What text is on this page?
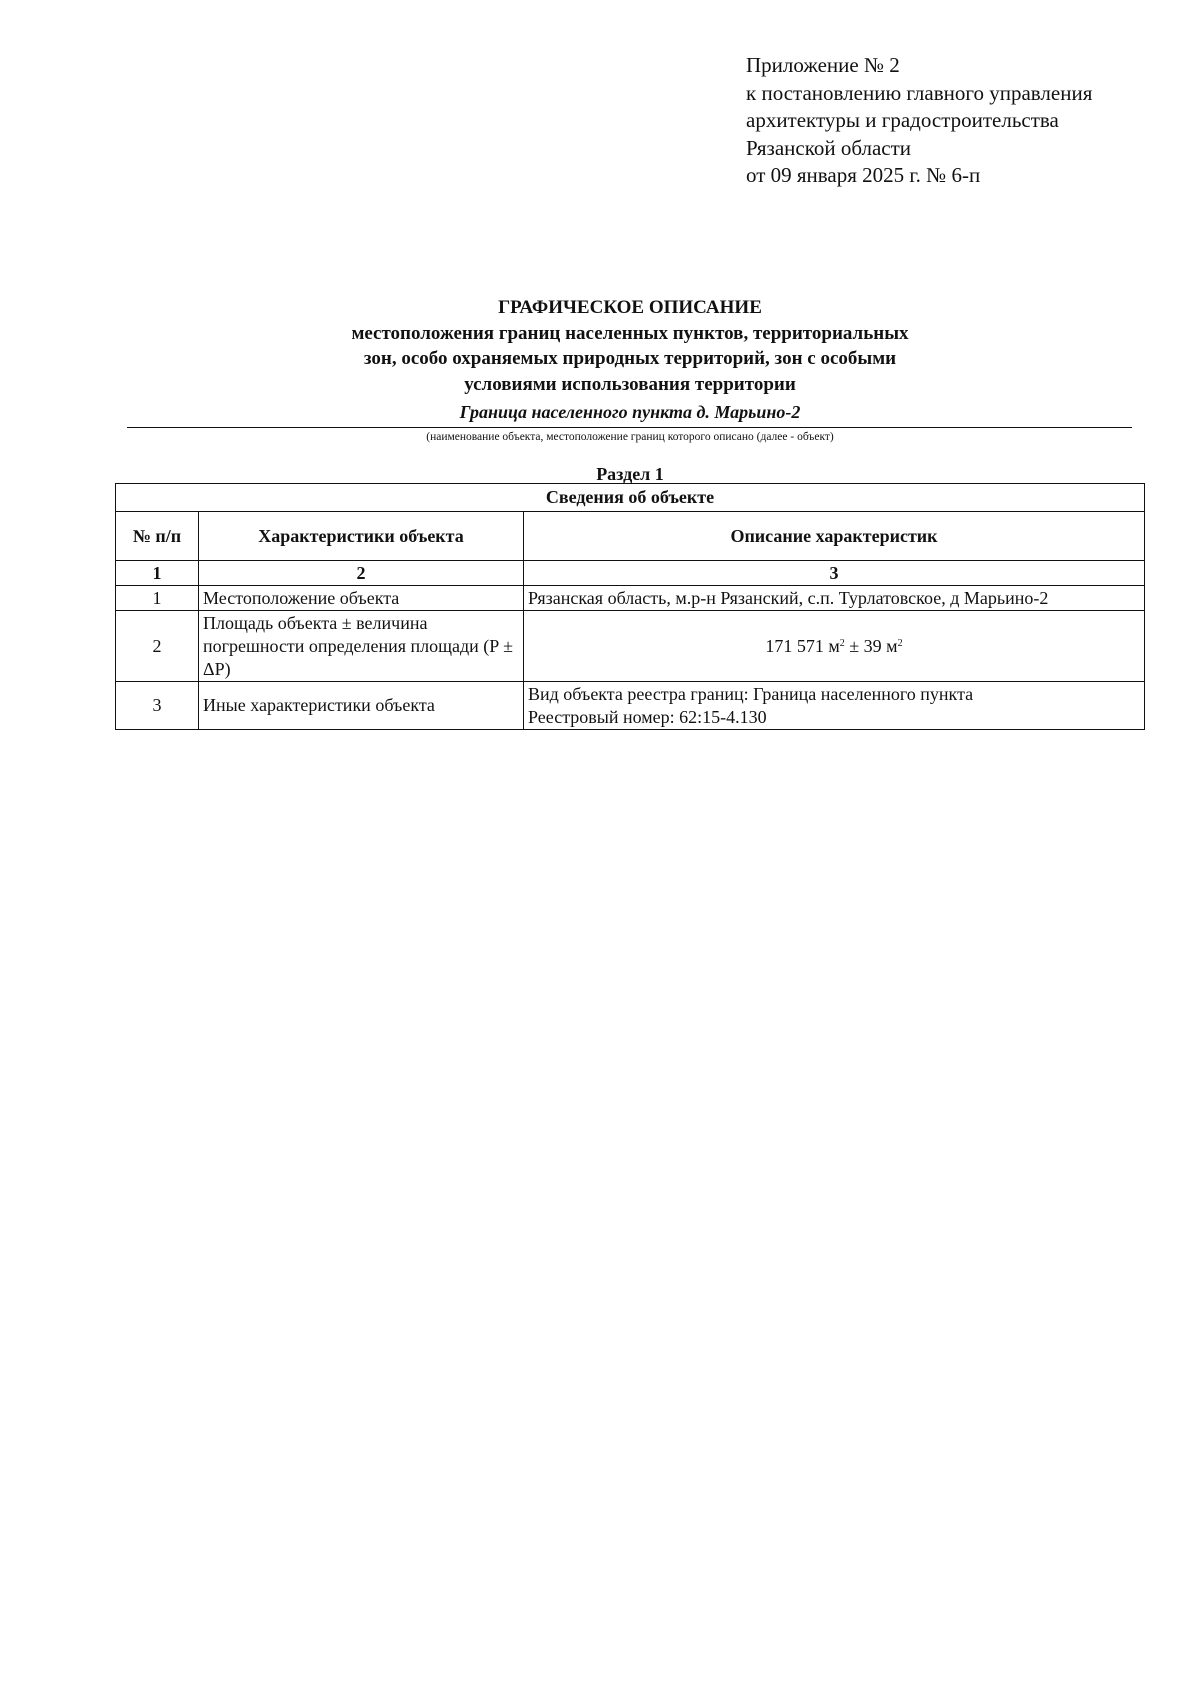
Приложение № 2
к постановлению главного управления
архитектуры и градостроительства
Рязанской области
от 09 января 2025 г. № 6-п
ГРАФИЧЕСКОЕ ОПИСАНИЕ
местоположения границ населенных пунктов, территориальных
зон, особо охраняемых природных территорий, зон с особыми
условиями использования территории
Граница населенного пункта д. Марьино-2
(наименование объекта, местоположение границ которого описано (далее - объект)
Раздел 1
Сведения об объекте		
№ п/п	Характеристики объекта	Описание характеристик
1	2	3
1	Местоположение объекта	Рязанская область, м.р-н Рязанский, с.п. Турлатовское, д Марьино-2

2	Площадь объекта ± величина погрешности определения площади (P ± ΔP)	171 571 $м^2 \pm 39$ $м^2$
3	Иные характеристики объекта	Вид объекта реестра границ: Граница населенного пункта
Реестровый номер: 62:15-4.130
